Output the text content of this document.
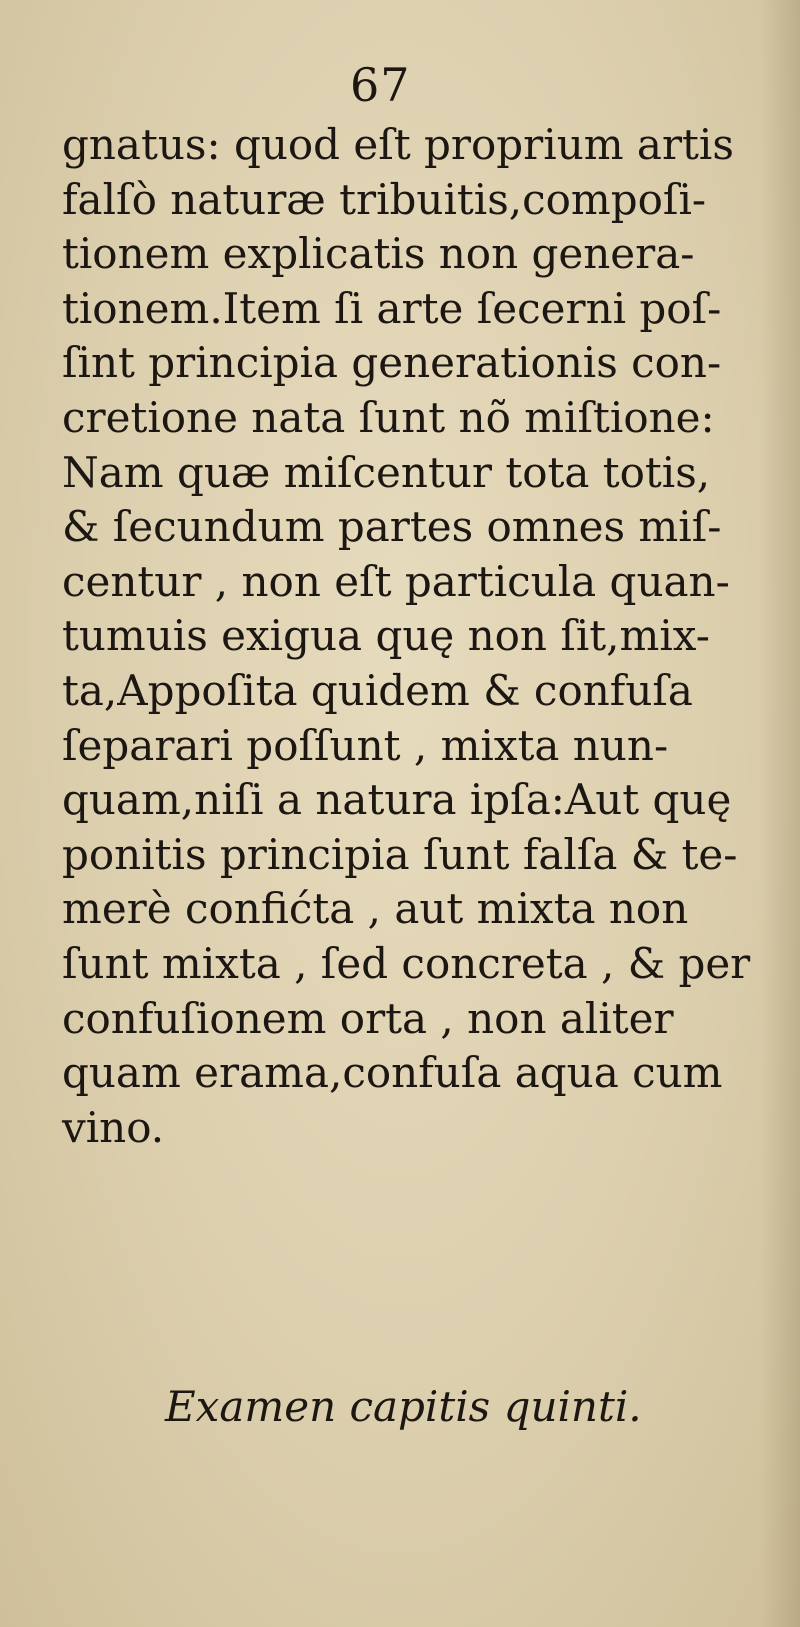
67
gnatus: quod eſt proprium artis
falſò naturæ tribuitis,compoſi-
tionem explicatis non genera-
tionem.Item ſi arte ſecerni poſ-
ſint principia generationis con-
cretione nata ſunt nõ miſtione:
Nam quæ miſcentur tota totis,
& ſecundum partes omnes miſ-
centur , non eſt particula quan-
tumuis exigua quę non ſit,mix-
ta,Appoſita quidem & confuſa
ſeparari poſſunt , mixta nun-
quam,niſi a natura ipſa:Aut quę
ponitis principia ſunt falſa & te-
merè confićta , aut mixta non
ſunt mixta , ſed concreta , & per
confuſionem orta , non aliter
quam erama,confuſa aqua cum
vino.
Examen capitis quinti.
